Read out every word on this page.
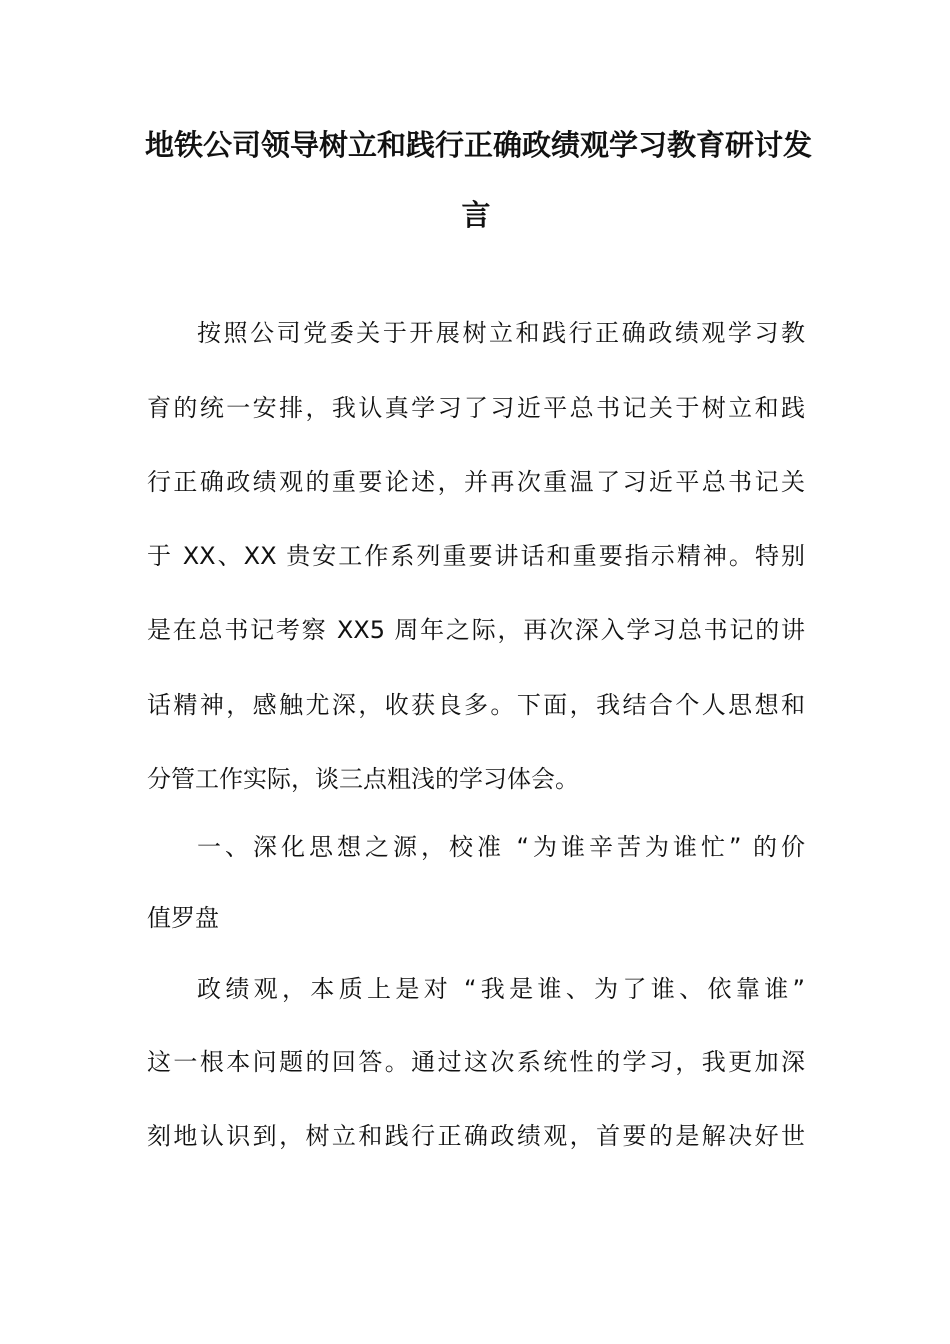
地铁公司领导树立和践行正确政绩观学习教育研讨发
言
按照公司党委关于开展树立和践行正确政绩观学习教
育的统一安排，我认真学习了习近平总书记关于树立和践
行正确政绩观的重要论述，并再次重温了习近平总书记关
于 XX、XX 贵安工作系列重要讲话和重要指示精神。特别
是在总书记考察 XX5 周年之际，再次深入学习总书记的讲
话精神，感触尤深，收获良多。下面，我结合个人思想和
分管工作实际，谈三点粗浅的学习体会。
一、深化思想之源，校准 “为谁辛苦为谁忙” 的价
值罗盘
政绩观，本质上是对 “我是谁、为了谁、依靠谁”
这一根本问题的回答。通过这次系统性的学习，我更加深
刻地认识到，树立和践行正确政绩观，首要的是解决好世
